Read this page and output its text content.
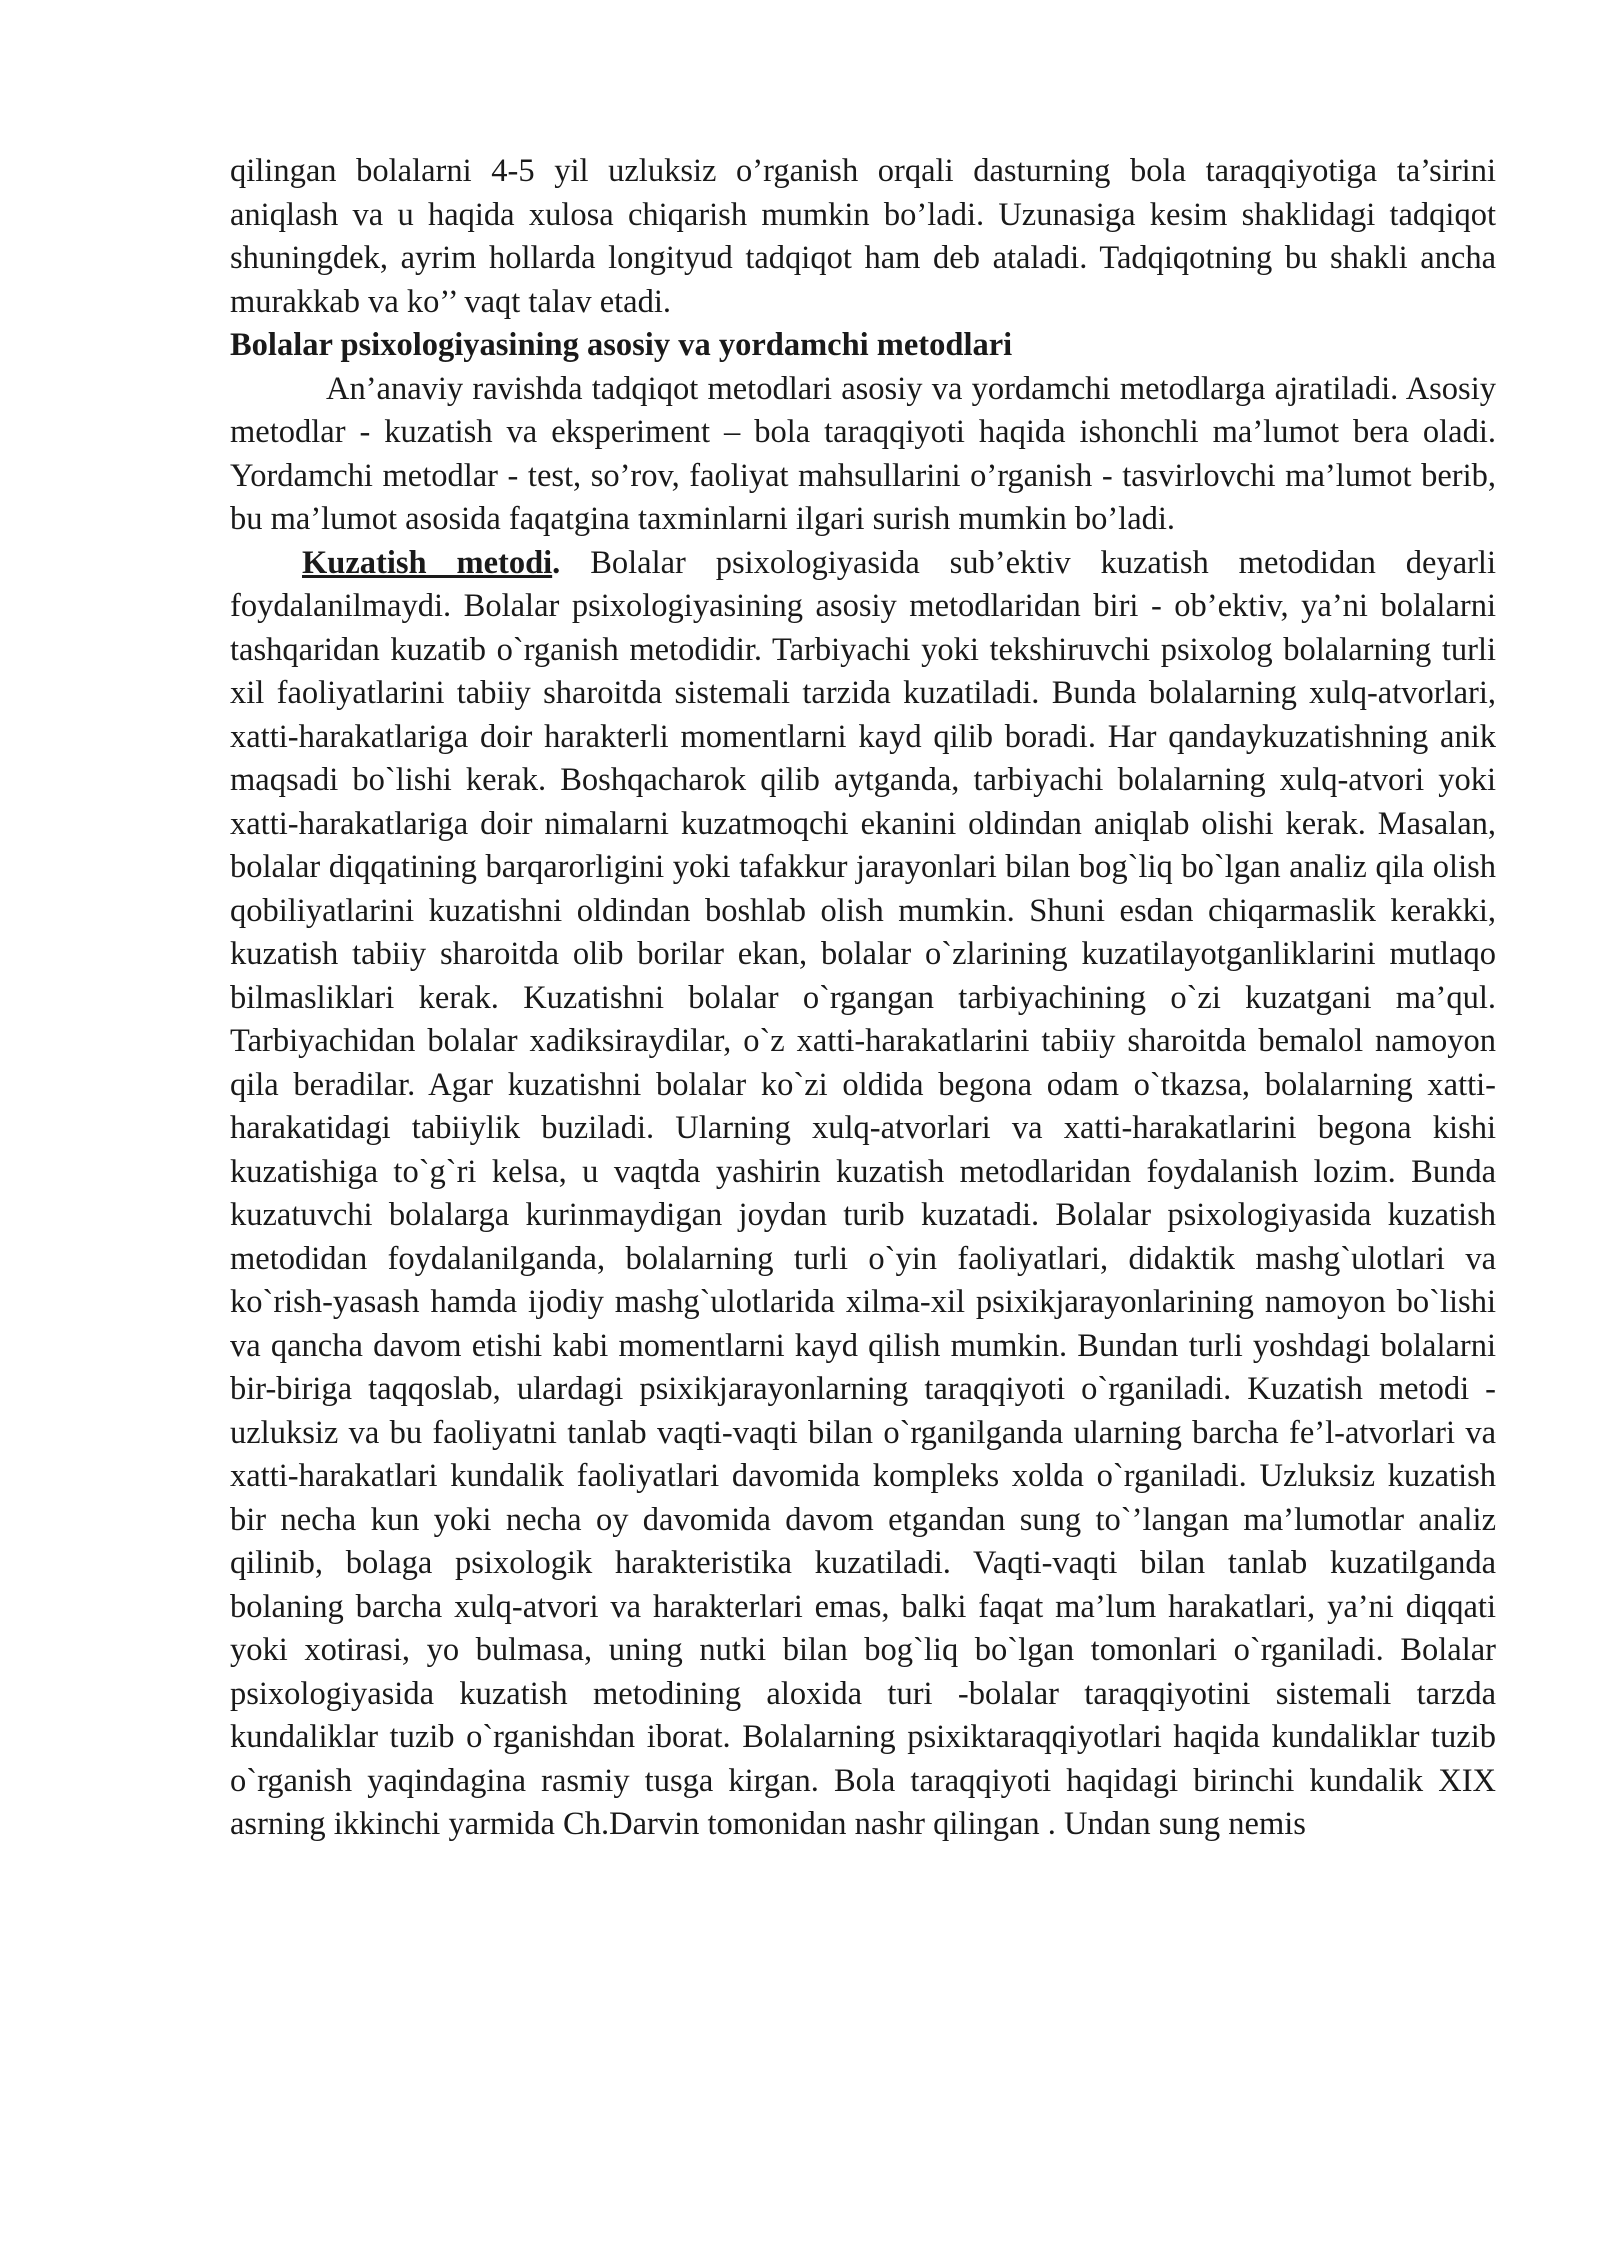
qilingan bolalarni 4-5 yil uzluksiz o’rganish orqali dasturning bola taraqqiyotiga ta’sirini aniqlash va u haqida xulosa chiqarish mumkin bo’ladi. Uzunasiga kesim shaklidagi tadqiqot shuningdek, ayrim hollarda longityud tadqiqot ham deb ataladi. Tadqiqotning bu shakli ancha murakkab va ko’’ vaqt talav etadi.

Bolalar psixologiyasining asosiy va yordamchi metodlari

An’anaviy ravishda tadqiqot metodlari asosiy va yordamchi metodlarga ajratiladi. Asosiy metodlar - kuzatish va eksperiment – bola taraqqiyoti haqida ishonchli ma’lumot bera oladi. Yordamchi metodlar - test, so’rov, faoliyat mahsullarini o’rganish - tasvirlovchi ma’lumot berib, bu ma’lumot asosida faqatgina taxminlarni ilgari surish mumkin bo’ladi.

Kuzatish metodi. Bolalar psixologiyasida sub’ektiv kuzatish metodidan deyarli foydalanilmaydi. Bolalar psixologiyasining asosiy metodlaridan biri - ob’ektiv, ya’ni bolalarni tashqaridan kuzatib o`rganish metodidir. Tarbiyachi yoki tekshiruvchi psixolog bolalarning turli xil faoliyatlarini tabiiy sharoitda sistemali tarzida kuzatiladi. Bunda bolalarning xulq-atvorlari, xatti-harakatlariga doir harakterli momentlarni kayd qilib boradi. Har qandaykuzatishning anik maqsadi bo`lishi kerak. Boshqacharok qilib aytganda, tarbiyachi bolalarning xulq-atvori yoki xatti-harakatlariga doir nimalarni kuzatmoqchi ekanini oldindan aniqlab olishi kerak. Masalan, bolalar diqqatining barqarorligini yoki tafakkur jarayonlari bilan bog`liq bo`lgan analiz qila olish qobiliyatlarini kuzatishni oldindan boshlab olish mumkin. Shuni esdan chiqarmaslik kerakki, kuzatish tabiiy sharoitda olib borilar ekan, bolalar o`zlarining kuzatilayotganliklarini mutlaqo bilmasliklari kerak. Kuzatishni bolalar o`rgangan tarbiyachining o`zi kuzatgani ma’qul. Tarbiyachidan bolalar xadiksiraydilar, o`z xatti-harakatlarini tabiiy sharoitda bemalol namoyon qila beradilar. Agar kuzatishni bolalar ko`zi oldida begona odam o`tkazsa, bolalarning xatti-harakatidagi tabiiylik buziladi. Ularning xulq-atvorlari va xatti-harakatlarini begona kishi kuzatishiga to`g`ri kelsa, u vaqtda yashirin kuzatish metodlaridan foydalanish lozim. Bunda kuzatuvchi bolalarga kurinmaydigan joydan turib kuzatadi. Bolalar psixologiyasida kuzatish metodidan foydalanilganda, bolalarning turli o`yin faoliyatlari, didaktik mashg`ulotlari va ko`rish-yasash hamda ijodiy mashg`ulotlarida xilma-xil psixikjarayonlarining namoyon bo`lishi va qancha davom etishi kabi momentlarni kayd qilish mumkin. Bundan turli yoshdagi bolalarni bir-biriga taqqoslab, ulardagi psixikjarayonlarning taraqqiyoti o`rganiladi. Kuzatish metodi - uzluksiz va bu faoliyatni tanlab vaqti-vaqti bilan o`rganilganda ularning barcha fe’l-atvorlari va xatti-harakatlari kundalik faoliyatlari davomida kompleks xolda o`rganiladi. Uzluksiz kuzatish bir necha kun yoki necha oy davomida davom etgandan sung to`’langan ma’lumotlar analiz qilinib, bolaga psixologik harakteristika kuzatiladi. Vaqti-vaqti bilan tanlab kuzatilganda bolaning barcha xulq-atvori va harakterlari emas, balki faqat ma’lum harakatlari, ya’ni diqqati yoki xotirasi, yo bulmasa, uning nutki bilan bog`liq bo`lgan tomonlari o`rganiladi. Bolalar psixologiyasida kuzatish metodining aloxida turi -bolalar taraqqiyotini sistemali tarzda kundaliklar tuzib o`rganishdan iborat. Bolalarning psixiktaraqqiyotlari haqida kundaliklar tuzib o`rganish yaqindagina rasmiy tusga kirgan. Bola taraqqiyoti haqidagi birinchi kundalik XIX asrning ikkinchi yarmida Ch.Darvin tomonidan nashr qilingan . Undan sung nemis
